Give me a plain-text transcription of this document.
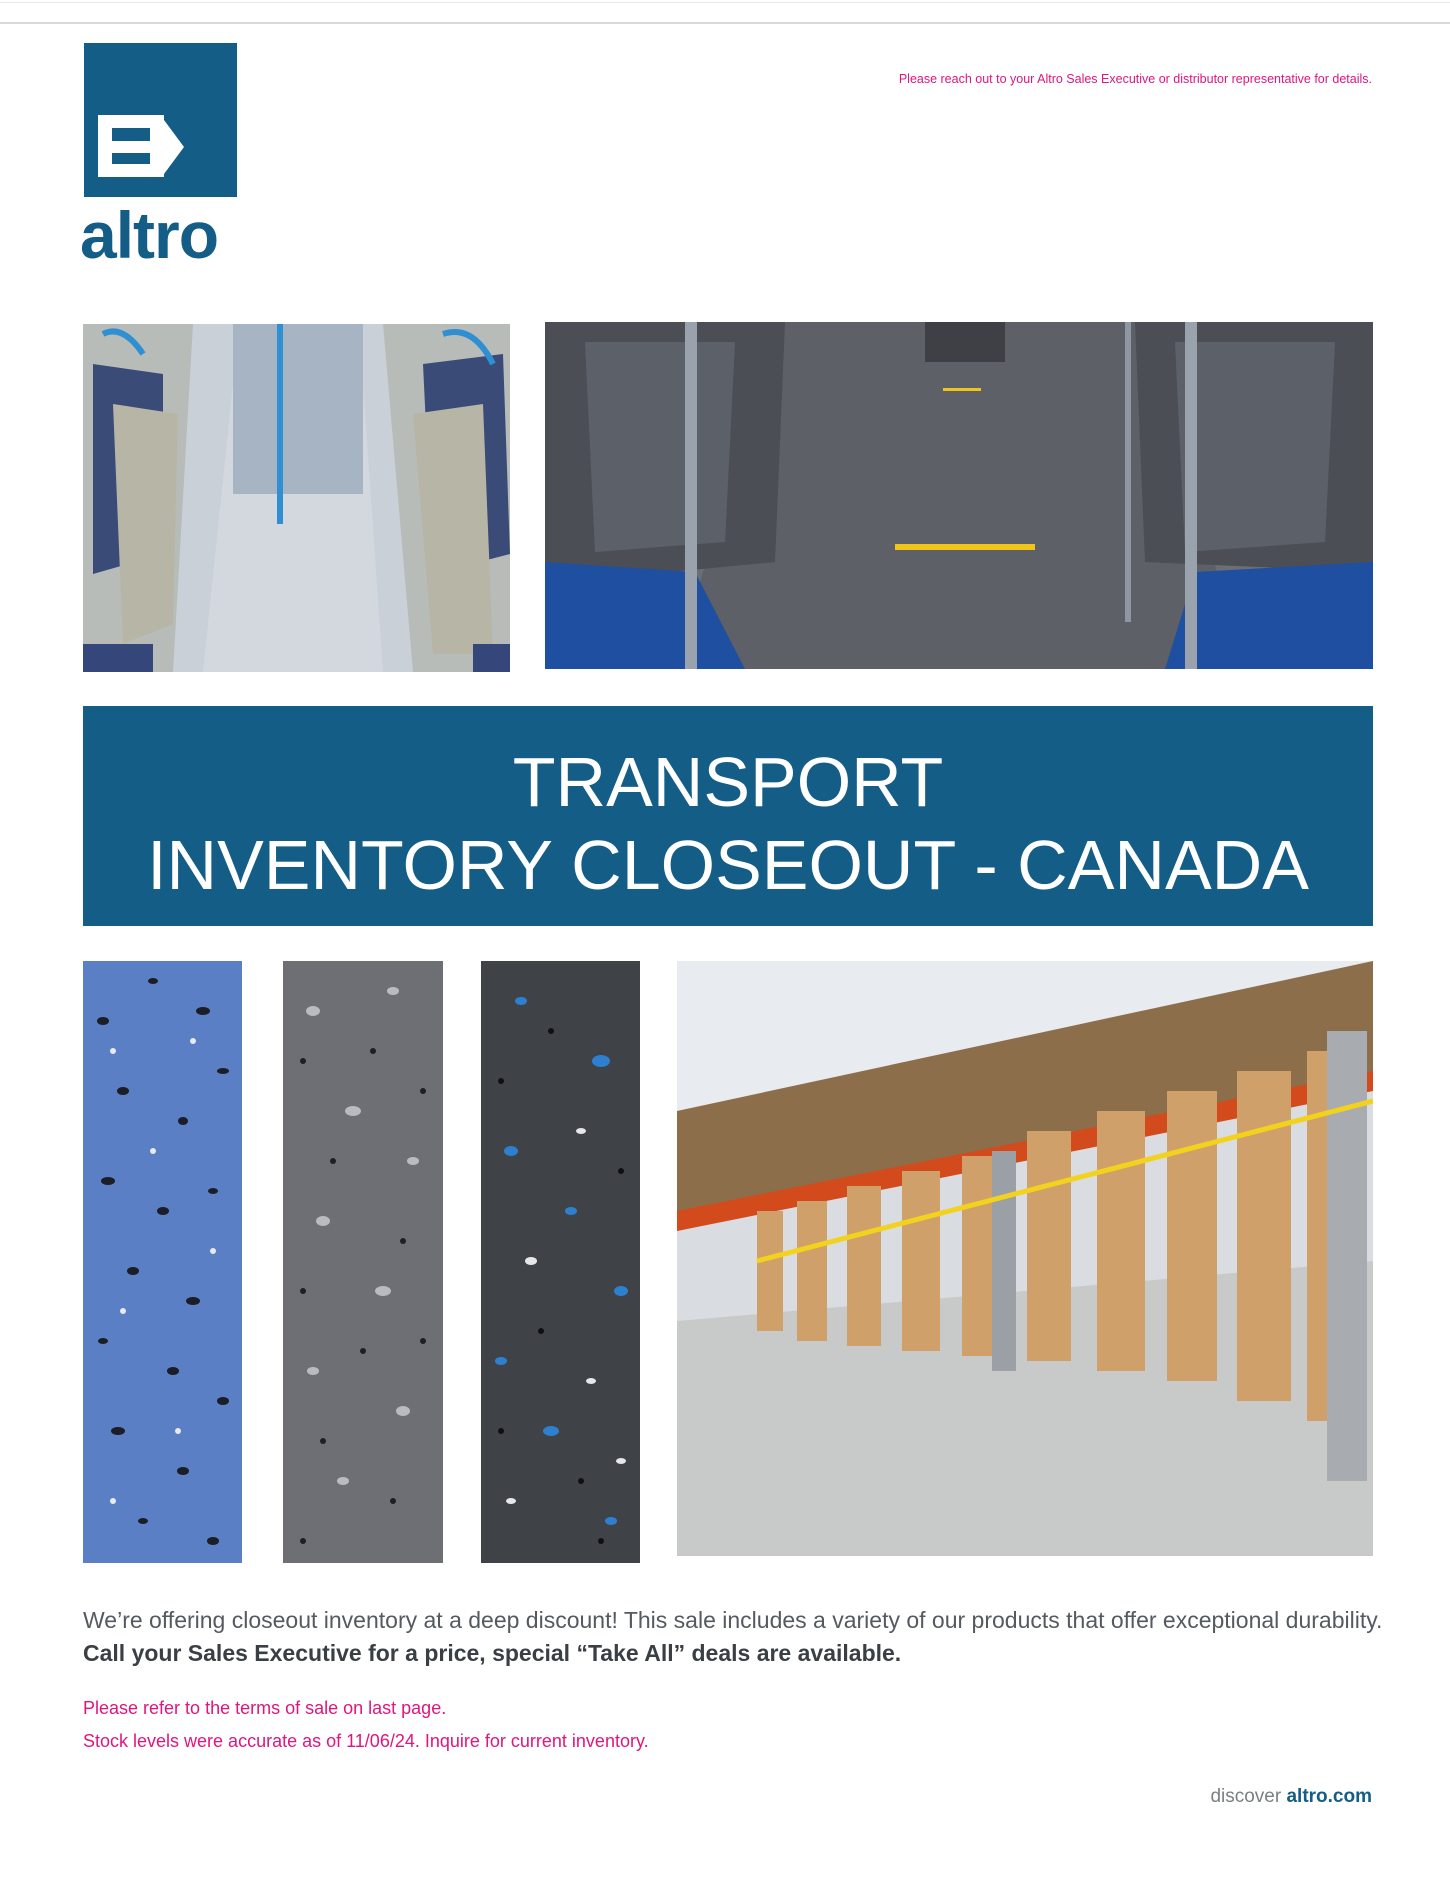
altro
Please reach out to your Altro Sales Executive or distributor representative for details.
TRANSPORT
INVENTORY CLOSEOUT - CANADA
We’re offering closeout inventory at a deep discount! This sale includes a variety of our products that offer exceptional durability. Call your Sales Executive for a price, special “Take All” deals are available.
Please refer to the terms of sale on last page.
Stock levels were accurate as of 11/06/24. Inquire for current inventory.
discover altro.com
